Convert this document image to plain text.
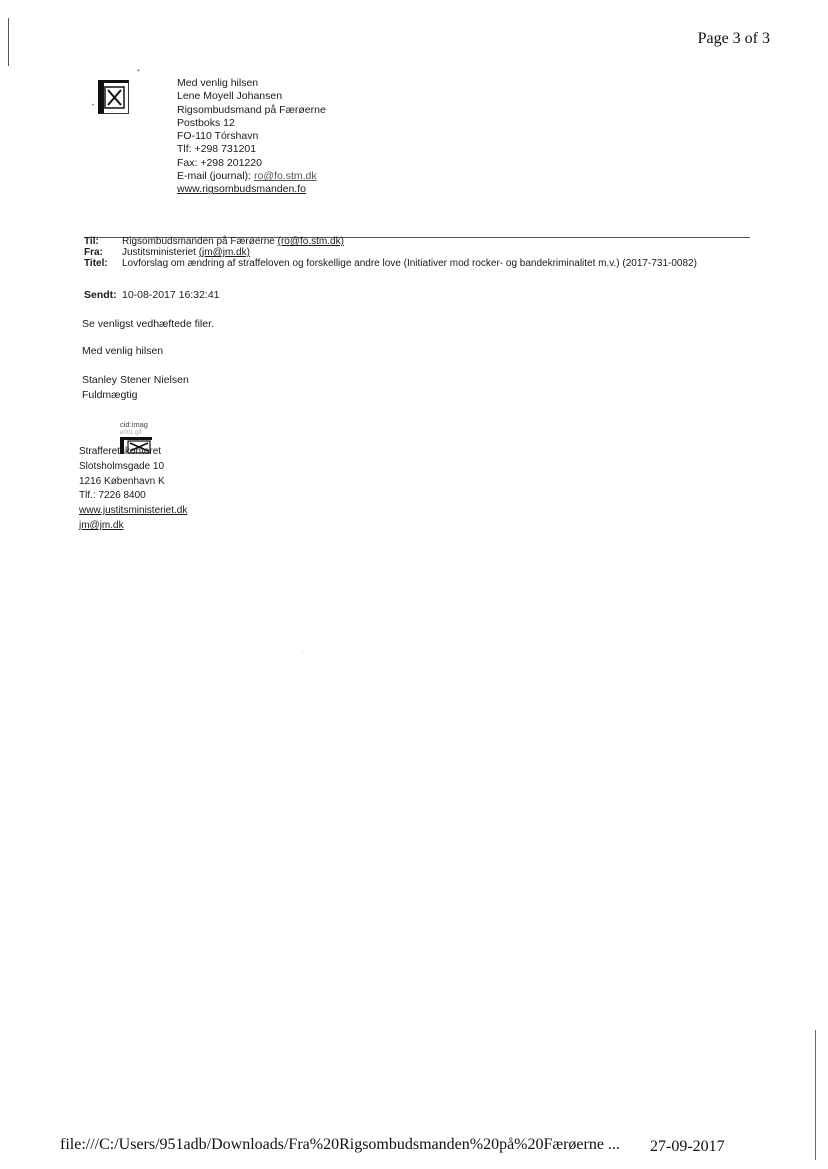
Page 3 of 3
•

•
Med venlig hilsen
Lene Moyell Johansen
Rigsombudsmand på Færøerne
Postboks 12
FO-110 Tórshavn
Tlf: +298 731201
Fax: +298 201220
E-mail (journal): ro@fo.stm.dk
www.rigsombudsmanden.fo
Til:	Rigsombudsmanden på Færøerne (ro@fo.stm.dk)
Fra:	Justitsministeriet (jm@jm.dk)
Titel:	Lovforslag om ændring af straffeloven og forskellige andre love (Initiativer mod rocker- og bandekriminalitet m.v.) (2017-731-0082)
Sendt: 10-08-2017 16:32:41
Se venligst vedhæftede filer.
Med venlig hilsen
Stanley Stener Nielsen
Fuldmægtig
cid:imag
e001.gif
Strafferetskontoret
Slotsholmsgade 10
1216 København K
Tlf.: 7226 8400
www.justitsministeriet.dk
jm@jm.dk
file:///C:/Users/951adb/Downloads/Fra%20Rigsombudsmanden%20på%20Færøerne ... 27-09-2017
